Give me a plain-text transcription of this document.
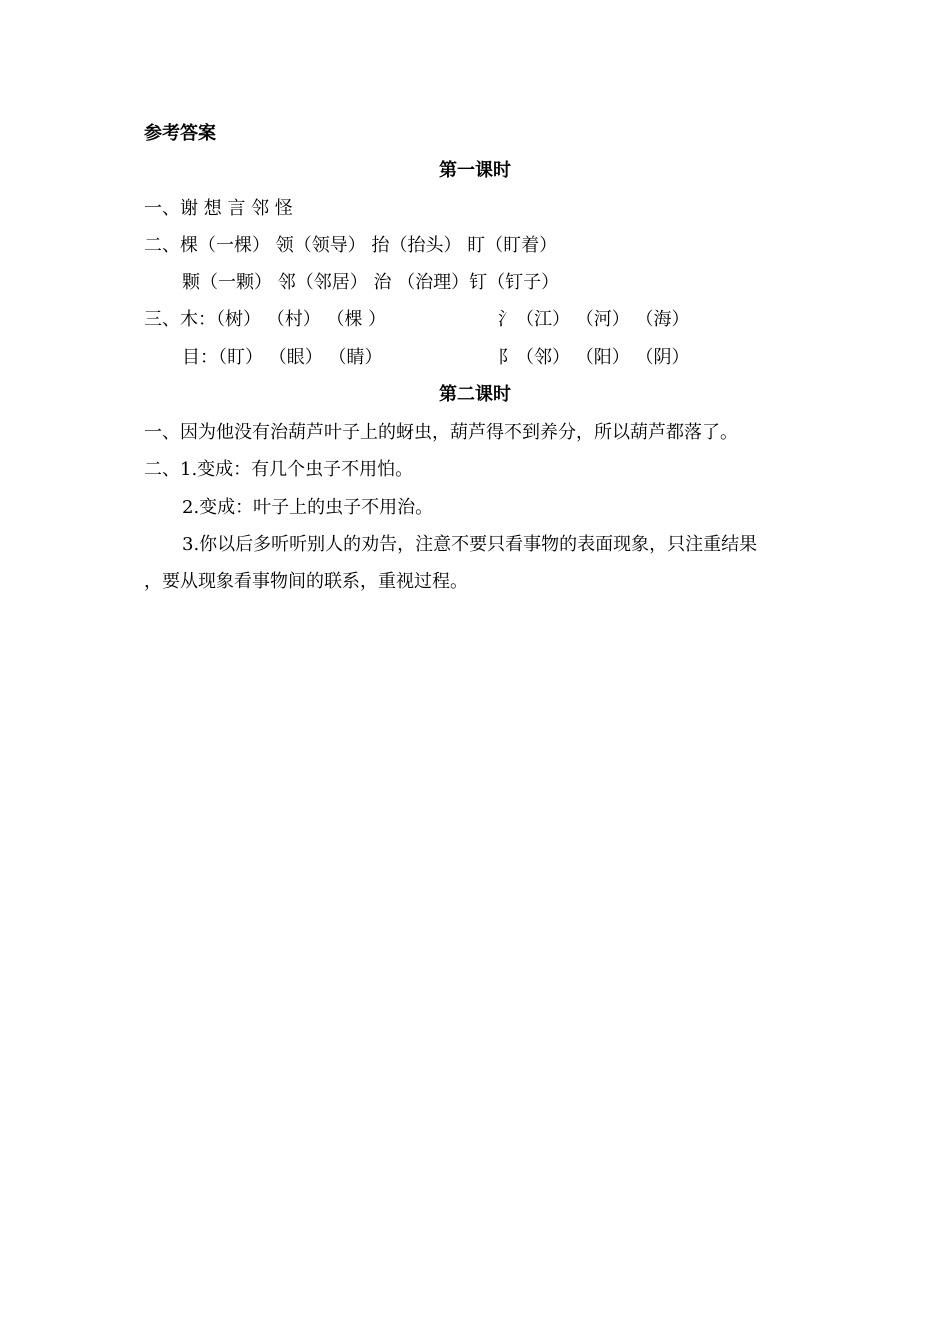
参考答案
第一课时
一、谢 想 言 邻 怪
二、棵（一棵） 领（领导） 抬（抬头） 盯（盯着）
颗（一颗） 邻（邻居） 治 （治理）钉（钉子）
三、木：（树） （村） （棵 ）	氵（江） （河） （海）
目：（盯） （眼） （睛）	阝（邻） （阳） （阴）
第二课时
一、因为他没有治葫芦叶子上的蚜虫，葫芦得不到养分，所以葫芦都落了。
二、1.变成：有几个虫子不用怕。
2.变成：叶子上的虫子不用治。
3.你以后多听听别人的劝告，注意不要只看事物的表面现象，只注重结果
，要从现象看事物间的联系，重视过程。
